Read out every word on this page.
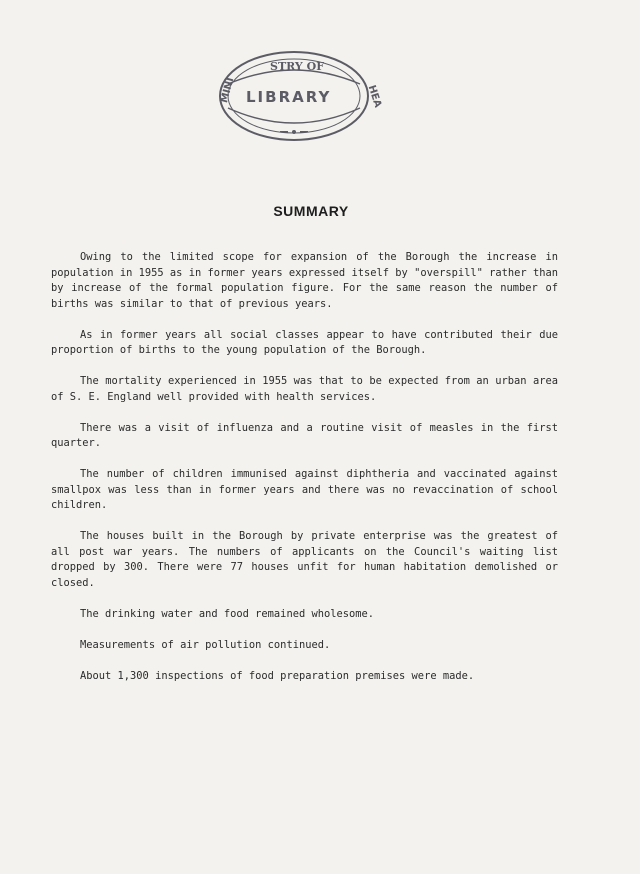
STRY OF
LIBRARY
MINI	HEA
SUMMARY

Owing to the limited scope for expansion of the Borough the increase in population in 1955 as in former years expressed itself by "overspill" rather than by increase of the formal population figure. For the same reason the number of births was similar to that of previous years.

As in former years all social classes appear to have contributed their due proportion of births to the young population of the Borough.

The mortality experienced in 1955 was that to be expected from an urban area of S. E. England well provided with health services.

There was a visit of influenza and a routine visit of measles in the first quarter.

The number of children immunised against diphtheria and vaccinated against smallpox was less than in former years and there was no revaccination of school children.

The houses built in the Borough by private enterprise was the greatest of all post war years. The numbers of applicants on the Council's waiting list dropped by 300. There were 77 houses unfit for human habitation demolished or closed.

The drinking water and food remained wholesome.

Measurements of air pollution continued.

About 1,300 inspections of food preparation premises were made.
